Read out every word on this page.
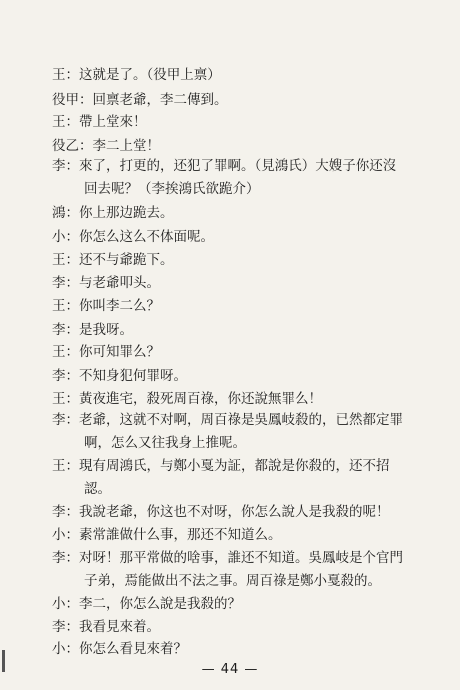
王：这就是了。（役甲上禀）
役甲：回禀老爺，李二傳到。
王：帶上堂來！
役乙：李二上堂！
李：來了，打更的，还犯了罪啊。（見鴻氏）大嫂子你还沒
回去呢？（李挨鴻氏欲跪介）
鴻：你上那边跪去。
小：你怎么这么不体面呢。
王：还不与爺跪下。
李：与老爺叩头。
王：你叫李二么？
李：是我呀。
王：你可知罪么？
李：不知身犯何罪呀。
王：黃夜進宅，殺死周百祿，你还說無罪么！
李：老爺，这就不对啊，周百祿是吳鳳岐殺的，已然都定罪
啊，怎么又往我身上推呢。
王：現有周鴻氏，与鄭小戛为証，都說是你殺的，还不招
認。
李：我說老爺，你这也不对呀，你怎么說人是我殺的呢！
小：素常誰做什么事，那还不知道么。
李：对呀！那平常做的啥事，誰还不知道。吳鳳岐是个官門
子弟，焉能做出不法之事。周百祿是鄭小戛殺的。
小：李二，你怎么說是我殺的？
李：我看見來着。
小：你怎么看見來着？
— 44 —
